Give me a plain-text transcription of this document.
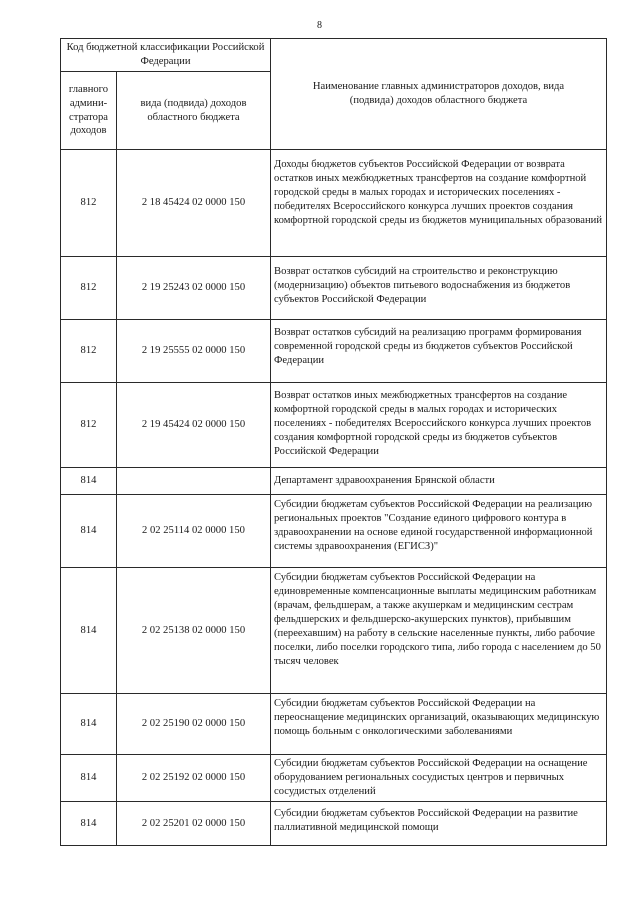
8
Код бюджетной классификации Российской Федерации		Наименование главных администраторов доходов, вида (подвида) доходов областного бюджета
главного админи-стратора доходов	вида (подвида) доходов областного бюджета	
812	2 18 45424 02 0000 150	Доходы бюджетов субъектов Российской Федерации от возврата остатков иных межбюджетных трансфертов на создание комфортной городской среды в малых городах и исторических поселениях - победителях Всероссийского конкурса лучших проектов создания комфортной городской среды из бюджетов муниципальных образований
812	2 19 25243 02 0000 150	Возврат остатков субсидий на строительство и реконструкцию (модернизацию) объектов питьевого водоснабжения из бюджетов субъектов Российской Федерации
812	2 19 25555 02 0000 150	Возврат остатков субсидий на реализацию программ формирования современной городской среды из бюджетов субъектов Российской Федерации
812	2 19 45424 02 0000 150	Возврат остатков иных межбюджетных трансфертов на создание комфортной городской среды в малых городах и исторических поселениях - победителях Всероссийского конкурса лучших проектов создания комфортной городской среды из бюджетов субъектов Российской Федерации
814		Департамент здравоохранения Брянской области
814	2 02 25114 02 0000 150	Субсидии бюджетам субъектов Российской Федерации на реализацию региональных проектов "Создание единого цифрового контура в здравоохранении на основе единой государственной информационной системы здравоохранения (ЕГИСЗ)"
814	2 02 25138 02 0000 150	Субсидии бюджетам субъектов Российской Федерации на единовременные компенсационные выплаты медицинским работникам (врачам, фельдшерам, а также акушеркам и медицинским сестрам фельдшерских и фельдшерско-акушерских пунктов), прибывшим (переехавшим) на работу в сельские населенные пункты, либо рабочие поселки, либо поселки городского типа, либо города с населением до 50 тысяч человек
814	2 02 25190 02 0000 150	Субсидии бюджетам субъектов Российской Федерации на переоснащение медицинских организаций, оказывающих медицинскую помощь больным с онкологическими заболеваниями
814	2 02 25192 02 0000 150	Субсидии бюджетам субъектов Российской Федерации на оснащение оборудованием региональных сосудистых центров и первичных сосудистых отделений
814	2 02 25201 02 0000 150	Субсидии бюджетам субъектов Российской Федерации на развитие паллиативной медицинской помощи
